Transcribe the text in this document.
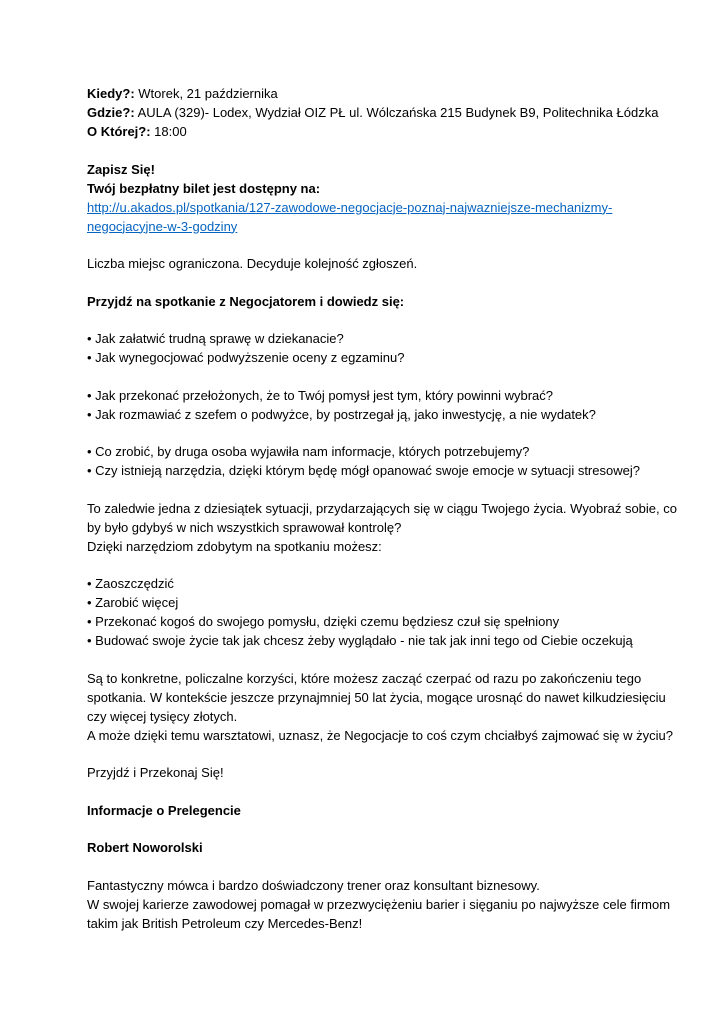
Kiedy?: Wtorek, 21 października
Gdzie?: AULA (329)- Lodex, Wydział OIZ PŁ ul. Wólczańska 215 Budynek B9, Politechnika Łódzka
O Której?: 18:00
Zapisz Się!
Twój bezpłatny bilet jest dostępny na:
http://u.akados.pl/spotkania/127-zawodowe-negocjacje-poznaj-najwazniejsze-mechanizmy-
negocjacyjne-w-3-godziny
Liczba miejsc ograniczona. Decyduje kolejność zgłoszeń.
Przyjdź na spotkanie z Negocjatorem i dowiedz się:
• Jak załatwić trudną sprawę w dziekanacie?
• Jak wynegocjować podwyższenie oceny z egzaminu?
• Jak przekonać przełożonych, że to Twój pomysł jest tym, który powinni wybrać?
• Jak rozmawiać z szefem o podwyżce, by postrzegał ją, jako inwestycję, a nie wydatek?
• Co zrobić, by druga osoba wyjawiła nam informacje, których potrzebujemy?
• Czy istnieją narzędzia, dzięki którym będę mógł opanować swoje emocje w sytuacji stresowej?
To zaledwie jedna z dziesiątek sytuacji, przydarzających się w ciągu Twojego życia. Wyobraź sobie, co
by było gdybyś w nich wszystkich sprawował kontrolę?
Dzięki narzędziom zdobytym na spotkaniu możesz:
• Zaoszczędzić
• Zarobić więcej
• Przekonać kogoś do swojego pomysłu, dzięki czemu będziesz czuł się spełniony
• Budować swoje życie tak jak chcesz żeby wyglądało - nie tak jak inni tego od Ciebie oczekują
Są to konkretne, policzalne korzyści, które możesz zacząć czerpać od razu po zakończeniu tego
spotkania. W kontekście jeszcze przynajmniej 50 lat życia, mogące urosnąć do nawet kilkudziesięciu
czy więcej tysięcy złotych.
A może dzięki temu warsztatowi, uznasz, że Negocjacje to coś czym chciałbyś zajmować się w życiu?
Przyjdź i Przekonaj Się!
Informacje o Prelegencie
Robert Noworolski
Fantastyczny mówca i bardzo doświadczony trener oraz konsultant biznesowy.
W swojej karierze zawodowej pomagał w przezwyciężeniu barier i sięganiu po najwyższe cele firmom
takim jak British Petroleum czy Mercedes-Benz!
